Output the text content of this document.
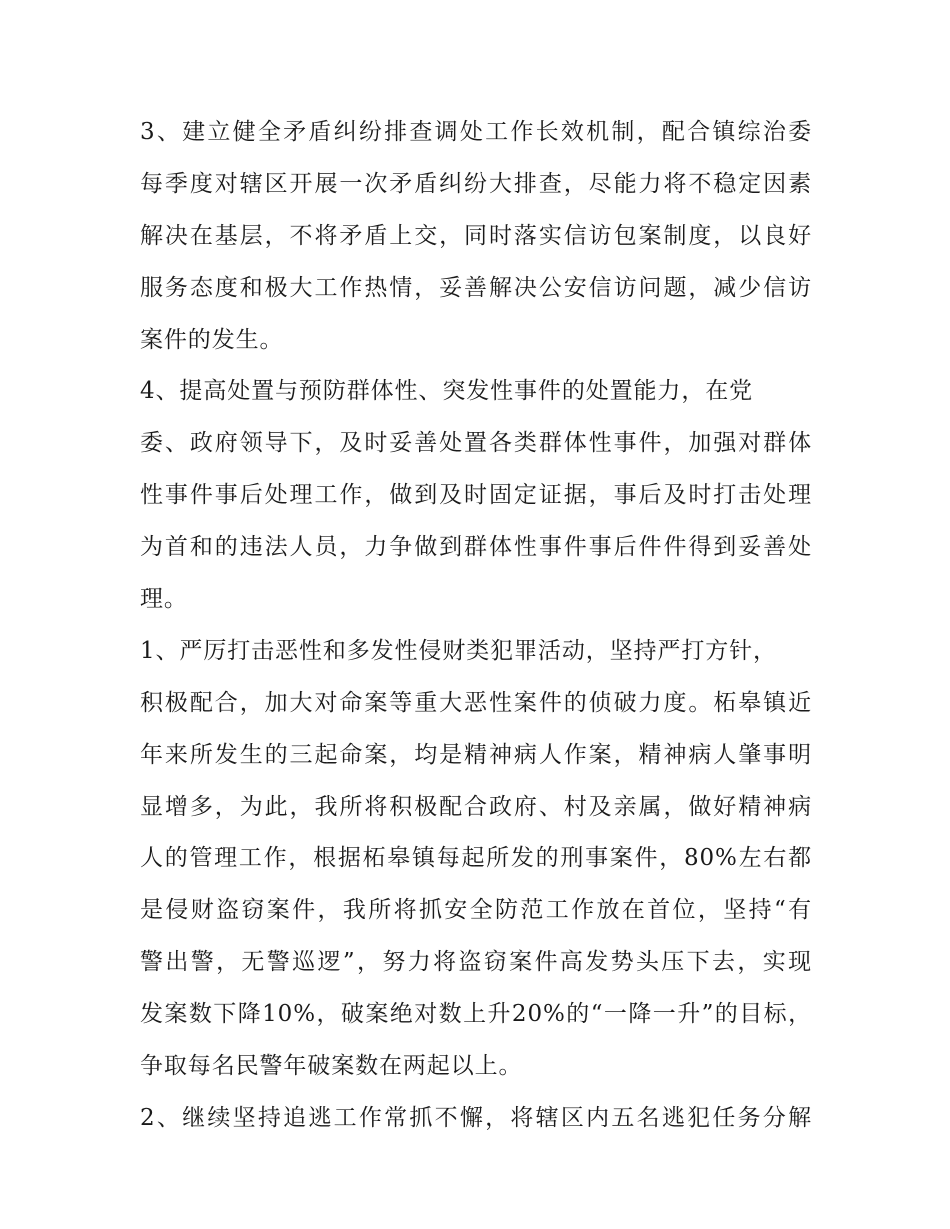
3、建立健全矛盾纠纷排查调处工作长效机制，配合镇综治委
每季度对辖区开展一次矛盾纠纷大排查，尽能力将不稳定因素
解决在基层，不将矛盾上交，同时落实信访包案制度，以良好
服务态度和极大工作热情，妥善解决公安信访问题，减少信访
案件的发生。
4、提高处置与预防群体性、突发性事件的处置能力，在党
委、政府领导下，及时妥善处置各类群体性事件，加强对群体
性事件事后处理工作，做到及时固定证据，事后及时打击处理
为首和的违法人员，力争做到群体性事件事后件件得到妥善处
理。
1、严厉打击恶性和多发性侵财类犯罪活动，坚持严打方针，
积极配合，加大对命案等重大恶性案件的侦破力度。柘皋镇近
年来所发生的三起命案，均是精神病人作案，精神病人肇事明
显增多，为此，我所将积极配合政府、村及亲属，做好精神病
人的管理工作，根据柘皋镇每起所发的刑事案件，80%左右都
是侵财盗窃案件，我所将抓安全防范工作放在首位，坚持“有
警出警，无警巡逻”，努力将盗窃案件高发势头压下去，实现
发案数下降10%，破案绝对数上升20%的“一降一升”的目标，
争取每名民警年破案数在两起以上。
2、继续坚持追逃工作常抓不懈，将辖区内五名逃犯任务分解
